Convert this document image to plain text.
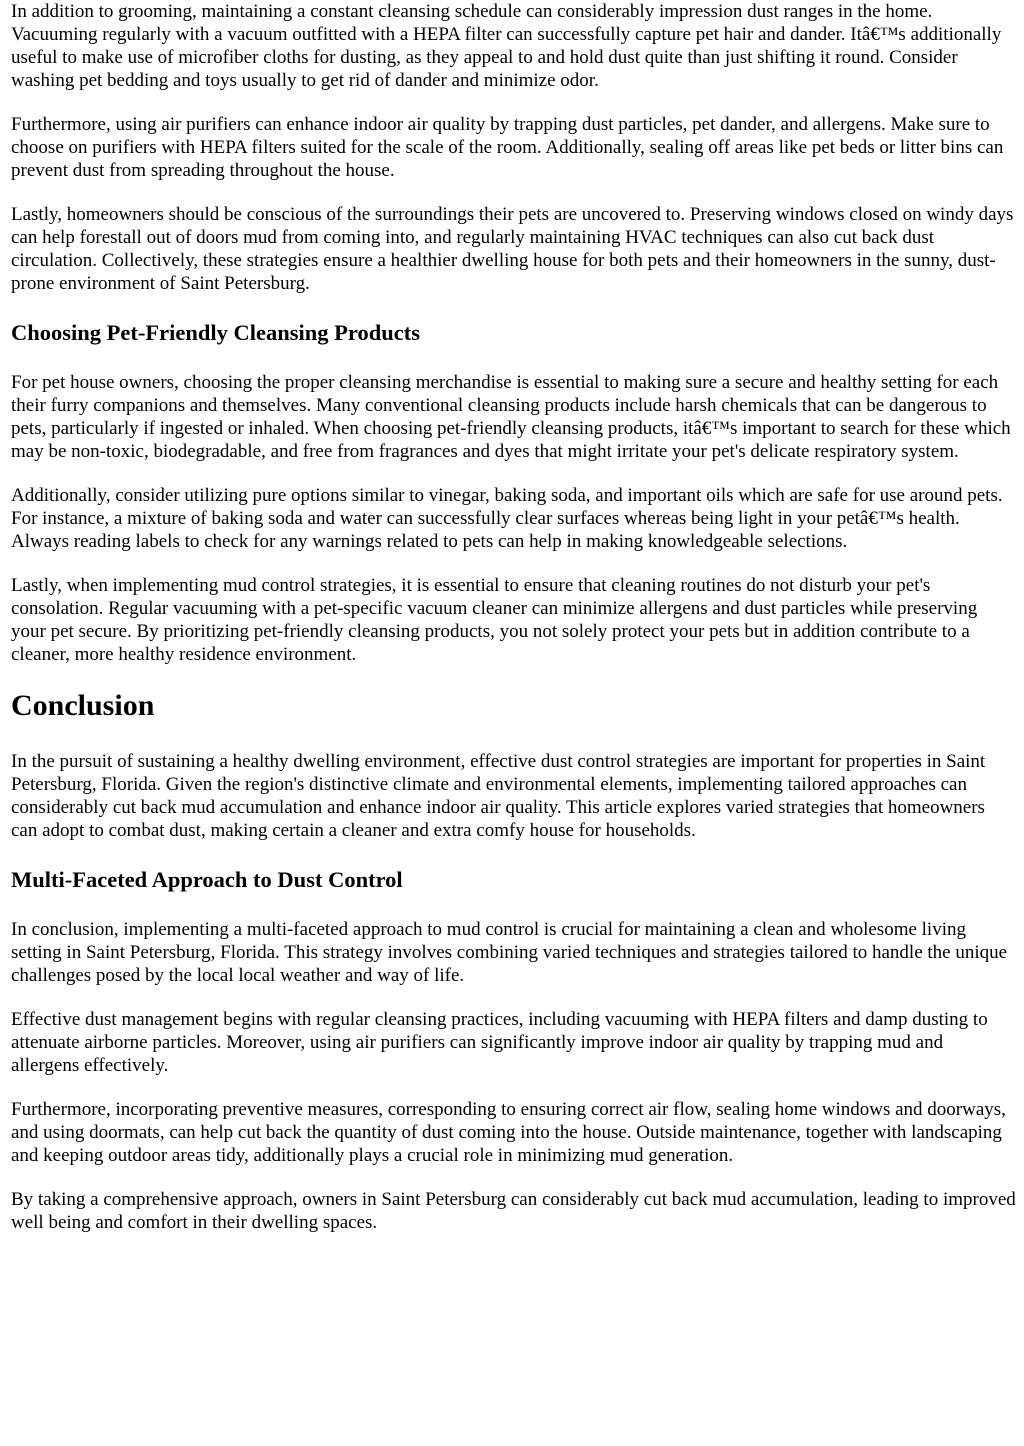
In addition to grooming, maintaining a constant cleansing schedule can considerably impression dust ranges in the home. Vacuuming regularly with a vacuum outfitted with a HEPA filter can successfully capture pet hair and dander. Itâ€™s additionally useful to make use of microfiber cloths for dusting, as they appeal to and hold dust quite than just shifting it round. Consider washing pet bedding and toys usually to get rid of dander and minimize odor.

Furthermore, using air purifiers can enhance indoor air quality by trapping dust particles, pet dander, and allergens. Make sure to choose on purifiers with HEPA filters suited for the scale of the room. Additionally, sealing off areas like pet beds or litter bins can prevent dust from spreading throughout the house.

Lastly, homeowners should be conscious of the surroundings their pets are uncovered to. Preserving windows closed on windy days can help forestall out of doors mud from coming into, and regularly maintaining HVAC techniques can also cut back dust circulation. Collectively, these strategies ensure a healthier dwelling house for both pets and their homeowners in the sunny, dust-prone environment of Saint Petersburg.

Choosing Pet-Friendly Cleansing Products

For pet house owners, choosing the proper cleansing merchandise is essential to making sure a secure and healthy setting for each their furry companions and themselves. Many conventional cleansing products include harsh chemicals that can be dangerous to pets, particularly if ingested or inhaled. When choosing pet-friendly cleansing products, itâ€™s important to search for these which may be non-toxic, biodegradable, and free from fragrances and dyes that might irritate your pet's delicate respiratory system.

Additionally, consider utilizing pure options similar to vinegar, baking soda, and important oils which are safe for use around pets. For instance, a mixture of baking soda and water can successfully clear surfaces whereas being light in your petâ€™s health. Always reading labels to check for any warnings related to pets can help in making knowledgeable selections.

Lastly, when implementing mud control strategies, it is essential to ensure that cleaning routines do not disturb your pet's consolation. Regular vacuuming with a pet-specific vacuum cleaner can minimize allergens and dust particles while preserving your pet secure. By prioritizing pet-friendly cleansing products, you not solely protect your pets but in addition contribute to a cleaner, more healthy residence environment.

Conclusion

In the pursuit of sustaining a healthy dwelling environment, effective dust control strategies are important for properties in Saint Petersburg, Florida. Given the region's distinctive climate and environmental elements, implementing tailored approaches can considerably cut back mud accumulation and enhance indoor air quality. This article explores varied strategies that homeowners can adopt to combat dust, making certain a cleaner and extra comfy house for households.

Multi-Faceted Approach to Dust Control

In conclusion, implementing a multi-faceted approach to mud control is crucial for maintaining a clean and wholesome living setting in Saint Petersburg, Florida. This strategy involves combining varied techniques and strategies tailored to handle the unique challenges posed by the local local weather and way of life.

Effective dust management begins with regular cleansing practices, including vacuuming with HEPA filters and damp dusting to attenuate airborne particles. Moreover, using air purifiers can significantly improve indoor air quality by trapping mud and allergens effectively.

Furthermore, incorporating preventive measures, corresponding to ensuring correct air flow, sealing home windows and doorways, and using doormats, can help cut back the quantity of dust coming into the house. Outside maintenance, together with landscaping and keeping outdoor areas tidy, additionally plays a crucial role in minimizing mud generation.

By taking a comprehensive approach, owners in Saint Petersburg can considerably cut back mud accumulation, leading to improved well being and comfort in their dwelling spaces.
